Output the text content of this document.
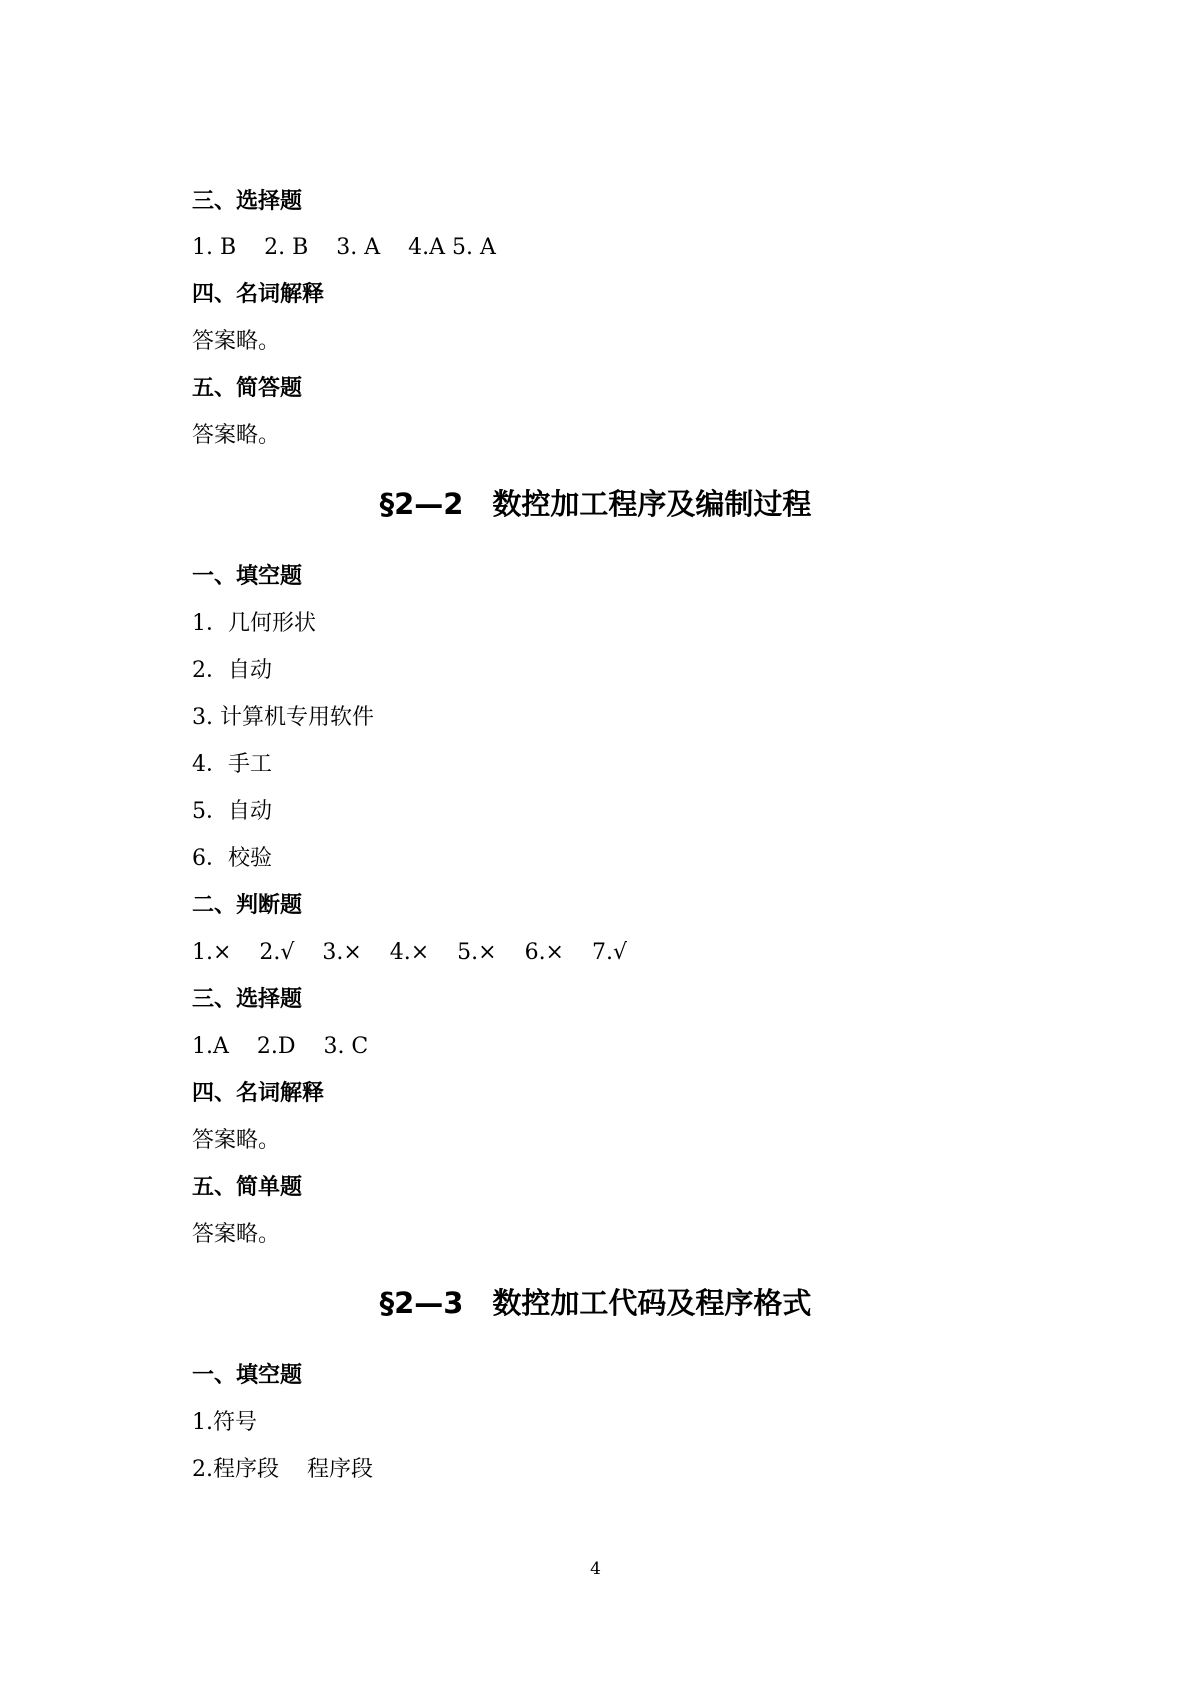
三、选择题
1. B    2. B    3. A    4.A 5. A
四、名词解释
答案略。
五、简答题
答案略。
§2—2　数控加工程序及编制过程
一、填空题
1．几何形状
2．自动
3. 计算机专用软件
4．手工
5．自动
6．校验
二、判断题
1.×    2.√    3.×    4.×    5.×    6.×    7.√
三、选择题
1.A    2.D    3. C
四、名词解释
答案略。
五、简单题
答案略。
§2—3　数控加工代码及程序格式
一、填空题
1.符号
2.程序段    程序段
4
